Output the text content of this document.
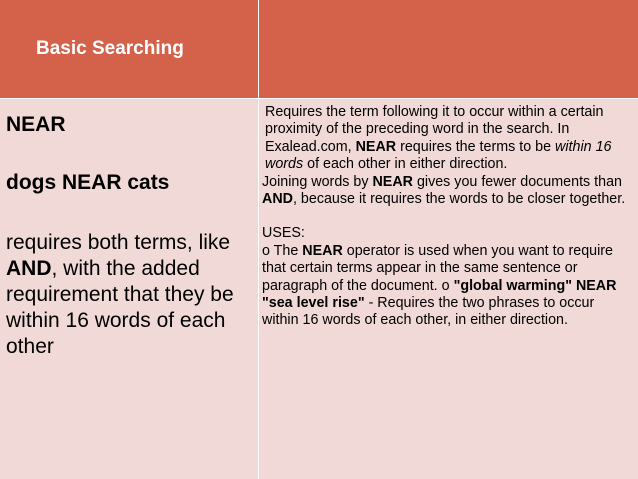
Basic Searching

NEAR

dogs NEAR cats

requires both terms, like AND, with the added requirement that they be within 16 words of each other

Requires the term following it to occur within a certain proximity of the preceding word in the search. In Exalead.com, NEAR requires the terms to be within 16 words of each other in either direction.

Joining words by NEAR gives you fewer documents than AND, because it requires the words to be closer together.

USES:

o The NEAR operator is used when you want to require that certain terms appear in the same sentence or paragraph of the document. o "global warming" NEAR "sea level rise" - Requires the two phrases to occur within 16 words of each other, in either direction.
